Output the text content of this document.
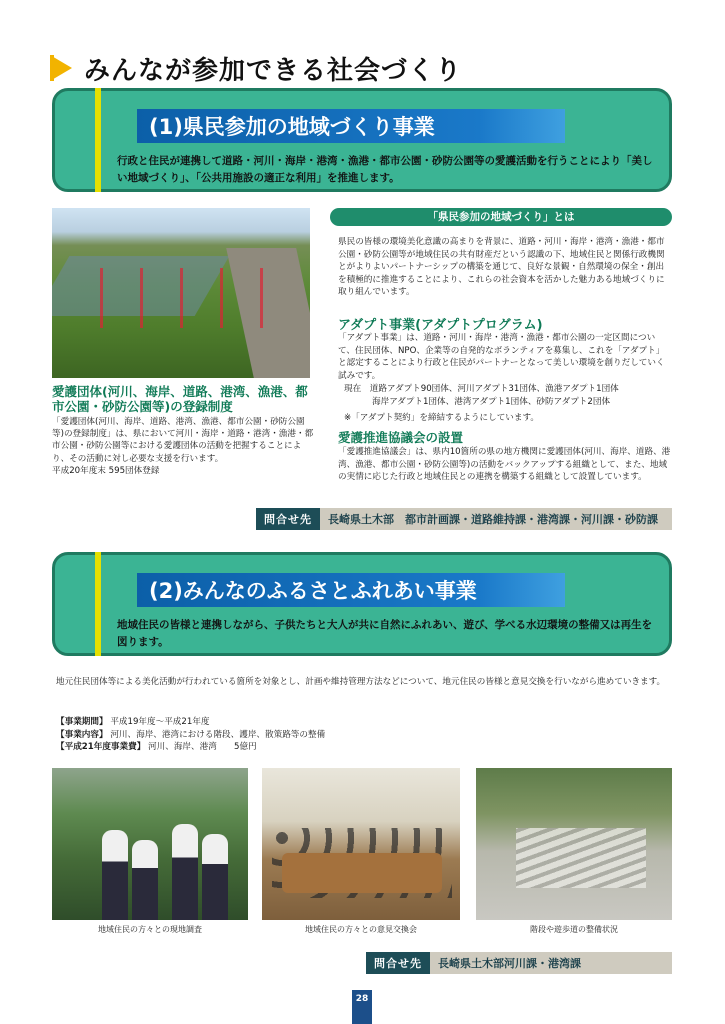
みんなが参加できる社会づくり
(1)県民参加の地域づくり事業
行政と住民が連携して道路・河川・海岸・港湾・漁港・都市公園・砂防公園等の愛護活動を行うことにより「美しい地域づくり」、「公共用施設の適正な利用」を推進します。
愛護団体(河川、海岸、道路、港湾、漁港、都市公園・砂防公園等)の登録制度
「愛護団体(河川、海岸、道路、港湾、漁港、都市公園・砂防公園等)の登録制度」は、県において河川・海岸・道路・港湾・漁港・都市公園・砂防公園等における愛護団体の活動を把握することにより、その活動に対し必要な支援を行います。
平成20年度末 595団体登録
「県民参加の地域づくり」とは
県民の皆様の環境美化意識の高まりを背景に、道路・河川・海岸・港湾・漁港・都市公園・砂防公園等が地域住民の共有財産だという認識の下、地域住民と関係行政機関とがよりよいパートナーシップの構築を通じて、良好な景観・自然環境の保全・創出を積極的に推進することにより、これらの社会資本を活かした魅力ある地域づくりに取り組んでいます。
アダプト事業(アダプトプログラム)
「アダプト事業」は、道路・河川・海岸・港湾・漁港・都市公園の一定区間について、住民団体、NPO、企業等の自発的なボランティアを募集し、これを「アダプト」と認定することにより行政と住民がパートナーとなって美しい環境を創りだしていく試みです。
現在　道路アダプト90団体、河川アダプト31団体、漁港アダプト1団体
海岸アダプト1団体、港湾アダプト1団体、砂防アダプト2団体
※「アダプト契約」を締結するようにしています。
愛護推進協議会の設置
「愛護推進協議会」は、県内10箇所の県の地方機関に愛護団体(河川、海岸、道路、港湾、漁港、都市公園・砂防公園等)の活動をバックアップする組織として、また、地域の実情に応じた行政と地域住民との連携を構築する組織として設置しています。
問合せ先	長崎県土木部　都市計画課・道路維持課・港湾課・河川課・砂防課
(2)みんなのふるさとふれあい事業
地域住民の皆様と連携しながら、子供たちと大人が共に自然にふれあい、遊び、学べる水辺環境の整備又は再生を図ります。
地元住民団体等による美化活動が行われている箇所を対象とし、計画や維持管理方法などについて、地元住民の皆様と意見交換を行いながら進めていきます。
【事業期間】 平成19年度〜平成21年度
【事業内容】 河川、海岸、港湾における階段、護岸、散策路等の整備
【平成21年度事業費】 河川、海岸、港湾　　5億円
地域住民の方々との現地調査	地域住民の方々との意見交換会	階段や遊歩道の整備状況
問合せ先	長崎県土木部河川課・港湾課
28
